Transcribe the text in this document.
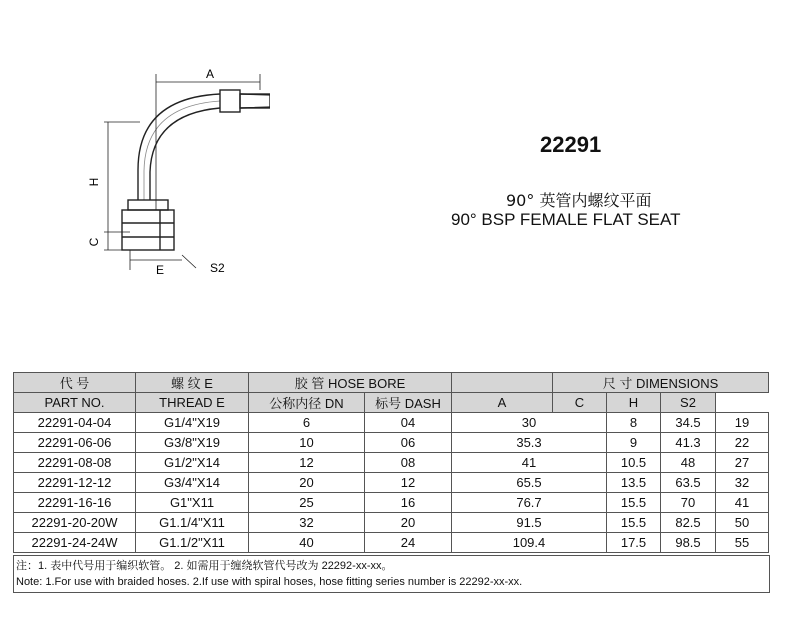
A
H
C
E	S2
22291
90° 英管内螺纹平面
90° BSP FEMALE FLAT SEAT
代 号	螺 纹 E	胶 管 HOSE BORE			尺 寸 DIMENSIONS			
PART NO.	THREAD E	公称内径 DN	标号 DASH	A	C	H	S2	
22291-04-04	G1/4"X19	6	04	30		8	34.5	19
22291-06-06	G3/8"X19	10	06	35.3		9	41.3	22
22291-08-08	G1/2"X14	12	08	41		10.5	48	27
22291-12-12	G3/4"X14	20	12	65.5		13.5	63.5	32
22291-16-16	G1"X11	25	16	76.7		15.5	70	41
22291-20-20W	G1.1/4"X11	32	20	91.5		15.5	82.5	50
22291-24-24W	G1.1/2"X11	40	24	109.4		17.5	98.5	55
注：1. 表中代号用于编织软管。 2. 如需用于缠绕软管代号改为 22292-xx-xx。
Note: 1.For use with braided hoses. 2.If use with spiral hoses, hose fitting series number is 22292-xx-xx.
